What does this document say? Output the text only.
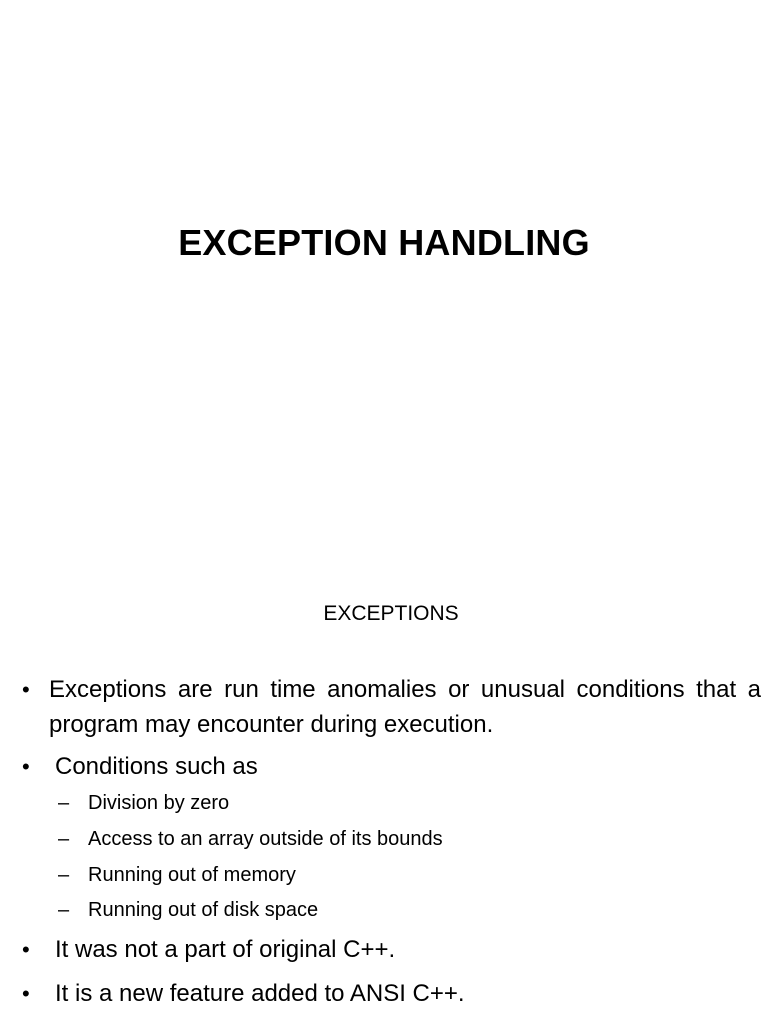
EXCEPTION HANDLING
EXCEPTIONS
• Exceptions are run time anomalies or unusual conditions that a program may encounter during execution.
• Conditions such as
– Division by zero
– Access to an array outside of its bounds
– Running out of memory
– Running out of disk space
• It was not a part of original C++.
• It is a new feature added to ANSI C++.
